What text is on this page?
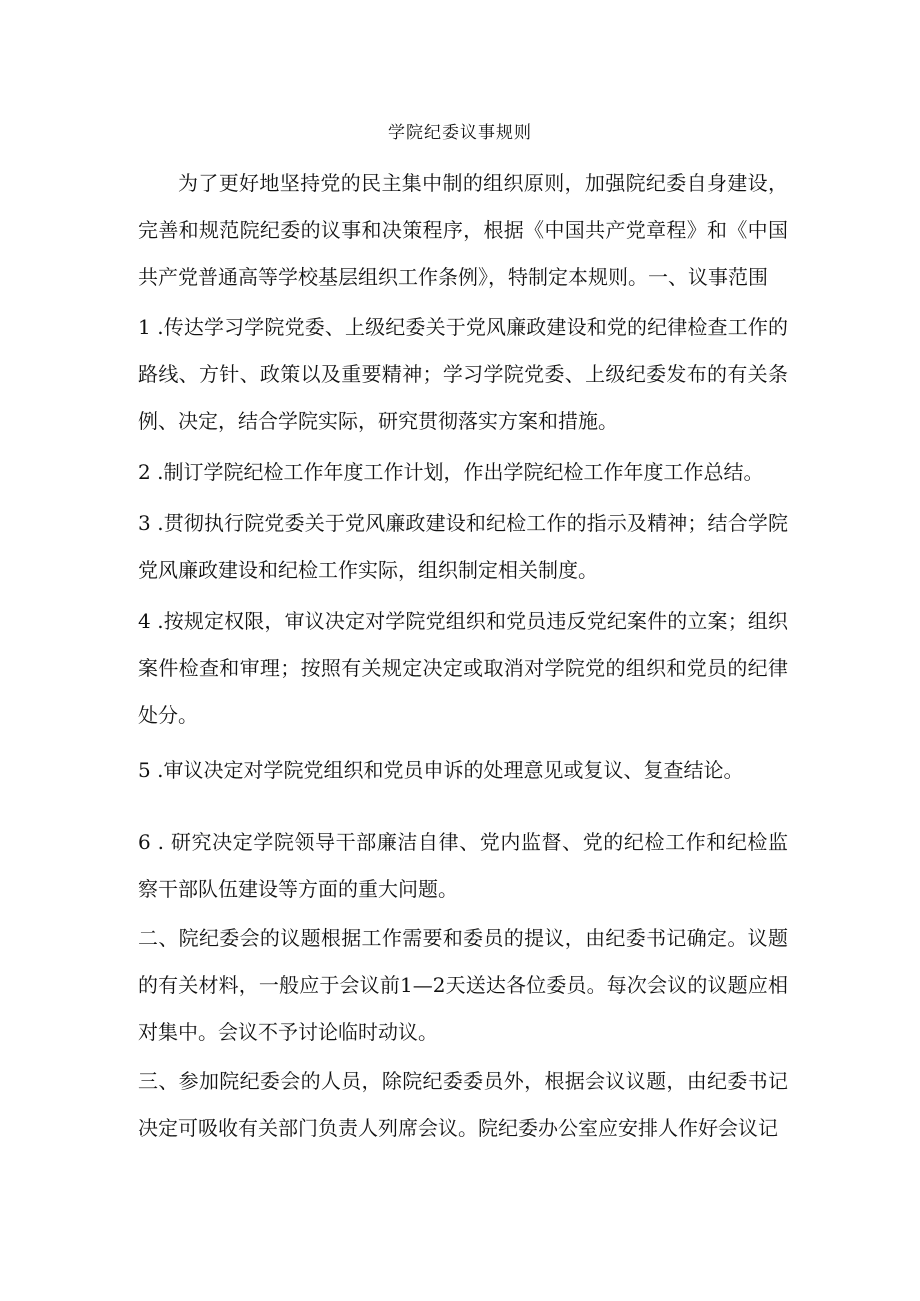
学院纪委议事规则

为了更好地坚持党的民主集中制的组织原则，加强院纪委自身建设，完善和规范院纪委的议事和决策程序，根据《中国共产党章程》和《中国共产党普通高等学校基层组织工作条例》，特制定本规则。一、议事范围

1 .传达学习学院党委、上级纪委关于党风廉政建设和党的纪律检查工作的路线、方针、政策以及重要精神；学习学院党委、上级纪委发布的有关条例、决定，结合学院实际，研究贯彻落实方案和措施。

2 .制订学院纪检工作年度工作计划，作出学院纪检工作年度工作总结。

3 .贯彻执行院党委关于党风廉政建设和纪检工作的指示及精神；结合学院党风廉政建设和纪检工作实际，组织制定相关制度。

4 .按规定权限，审议决定对学院党组织和党员违反党纪案件的立案；组织案件检查和审理；按照有关规定决定或取消对学院党的组织和党员的纪律处分。

5 .审议决定对学院党组织和党员申诉的处理意见或复议、复查结论。

6 . 研究决定学院领导干部廉洁自律、党内监督、党的纪检工作和纪检监察干部队伍建设等方面的重大问题。

二、院纪委会的议题根据工作需要和委员的提议，由纪委书记确定。议题的有关材料，一般应于会议前1—2天送达各位委员。每次会议的议题应相对集中。会议不予讨论临时动议。

三、参加院纪委会的人员，除院纪委委员外，根据会议议题，由纪委书记决定可吸收有关部门负责人列席会议。院纪委办公室应安排人作好会议记
